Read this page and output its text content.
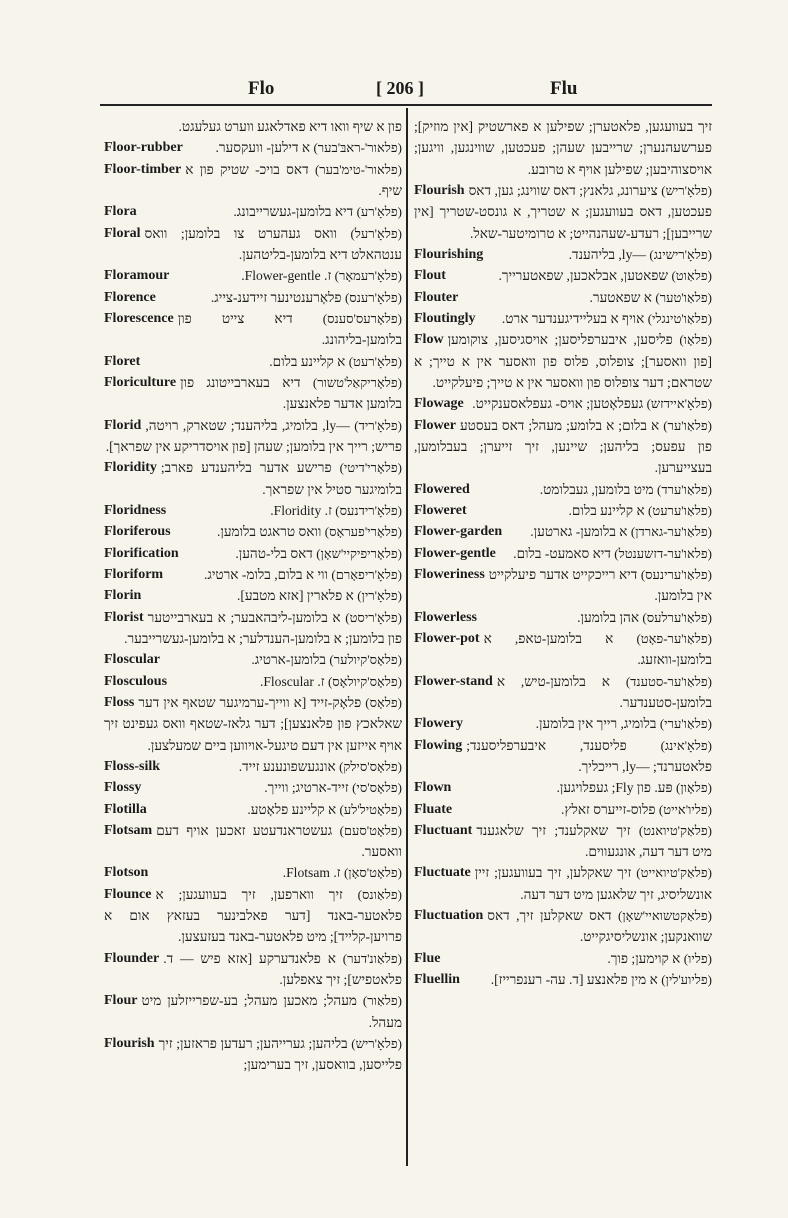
Flo	[ 206 ]	Flu

פון א שיף וואו דיא פאדלאגע ווערט געלעגט.

Floor-rubber	(פלאור'-ראבּ'בער) א דילען- וועקסער.

Floor-timber	(פלאור'-טימ'בער) דאס בויכ- שטיק פון א שיף.

Flora	(פלאָ'רע) דיא בלומען-געשרייבונג.

Floral	(פלאָ'רעל) וואס געהערט צו בלומען; וואס ענטהאלט דיא בלומען-בליטהען.

Floramour	(פלאָ'רעמאָר) ז. Flower-gentle.

Florence	(פלאָ'רענס) פלאָרענטינער זיידענ-צייג.

Florescence	(פלאָרעס'סענס) דיא צייט פון בלומען-בליהונג.

Floret	(פלאָ'רעט) א קליינע בלום.

Floriculture	(פלאָריקאַל'טשור) דיא בעארבייטונג פון בלומען אדער פלאנצען.

Florid	(פלאָ'ריד) —ly, בלומיג, בליהענד; שטארק, רויטה, פריש; רייך אין בלומען; שעהן [פון אויסדריקע אין שפראך].

Floridity	(פלאָרי'דיטי) פרישע אדער בליהענדע פארב; בלומיגער סטיל אין שפראך.

Floridness	(פלאָ'רידנעס) ז. Floridity.

Floriferous	(פלאָרי'פעראָס) וואס טראגט בלומען.

Florification	(פלאָריפיקיי'שאָן) דאס בלי-טהען.

Floriform	(פלאָ'ריפאָרם) ווי א בלום, בלומ- ארטיג.

Florin	(פלאָ'רין) א פלארין [אזא מטבע].

Florist	(פלאָ'ריסט) א בלומען-ליבהאבער; א בעארבייטער פון בלומען; א בלומען-הענדלער; א בלומען-געשרייבער.

Floscular	(פלאָס'קיולער) בלומען-ארטיג.

Flosculous	(פלאָס'קיולאָס) ז. Floscular.

Floss	(פלאָס) פלאָק-זייד [א ווייך-ערמיגער שטאף אין דער שאלאכץ פון פלאנצען]; דער גלאז-שטאף וואס געפינט זיך אויף אייזען אין דעם טיגעל-אויווען ביים שמעלצען.

Floss-silk	(פלאָס'סילק) אונגעשפונענע זייד.

Flossy	(פלאָס'סי) זייד-ארטיג; ווייך.

Flotilla	(פלאָטיל'לע) א קליינע פלאָטע.

Flotsam	(פלאָט'סעם) געשטראנדעטע זאכען אויף דעם וואסער.

Flotson	(פלאָט'סאָן) ז. Flotsam.

Flounce	(פלאַונס) זיך ווארפען, זיך בעוועגען; א פלאטער-באנד [דער פאלבינער בעזאץ אום א פרויען-קלייד]; מיט פלאטער-באנד בעזעצען.

Flounder	(פלאַונ'דער) א פלאנדערקע [אזא פיש — ד. פלאטפיש]; זיך צאפלען.

Flour	(פלאַור) מעהל; מאכען מעהל; בע-שפרייזלען מיט מעהל.

Flourish	(פלאָ'ריש) בליהען; גערייהען; רעדען פראזען; זיך פלייסען, בוואסען, זיך בערימען;

זיך בעוועגען, פלאטערן; שפילען א פארשטיק [אין מוזיק]; פערשעהנערן; שרייבען שעהן; פעכטען, שווינגען, וויגען; אויסצוהיבען; שפילען אויף א טרובע.

Flourish	(פלאָ'ריש) ציערונג, גלאנץ; דאס שווינג; גען, דאס פעכטען, דאס בעוועגען; א שטריך, א גונסט-שטריך [אין שרייבען]; רעדע-שעהנהייט; א טרומיטער-שאל.

Flourishing	(פלאָ'רישינג) —ly, בליהענד.

Flout	(פלאַוט) שפאטען, אבלאכען, שפאטערייך.

Flouter	(פלאַו'טער) א שפאטער.

Floutingly	(פלאַו'טינגלי) אויף א בעליידיגענדער ארט.

Flow	(פלאָו) פליסען, איבערפליסען; אויסגיסען, צוקומען [פון וואסער]; צופלוס, פלוס פון וואסער אין א טייך; א שטראם; דער צופלוס פון וואסער אין א טייך; פיעלקייט.

Flowage	(פלאָ'איידזש) געפלאָטען; אויס- געפלאסענקייט.

Flower	(פלאַו'ער) א בלום; א בלומע; מעהל; דאס בעסטע פון עפעס; בליהען; שיינען, זיך זייערן; בעבלומען, בעצייערען.

Flowered	(פלאַו'ערד) מיט בלומען, געבלומט.

Floweret	(פלאַו'ערעט) א קליינע בלום.

Flower-garden	(פלאַו'ער-גארדן) א בלומען- גארטען.

Flower-gentle	(פלאו'ער-דזשענטל) דיא סאמעט- בלום.

Floweriness	(פלאַו'ערינעס) דיא רייכקייט אדער פיעלקייט אין בלומען.

Flowerless	(פלאַו'ערלעס) אהן בלומען.

Flower-pot	(פלאַו'ער-פאָט) א בלומען-טאפ, א בלומען-וואזעג.

Flower-stand	(פלאַו'ער-סטענד) א בלומען-טיש, א בלומען-סטענדער.

Flowery	(פלאַו'ערי) בלומיג, רייך אין בלומען.

Flowing	(פלאָ'אינג) פליסענד, איבערפליסענד; פלאטערנד; —ly, רייכליך.

Flown	(פלאָון) פּע. פון Fly; געפלויגען.

Fluate	(פליו'אייט) פלוס-זייערס זאלץ.

Fluctuant	(פלאַק'טיואנט) זיך שאקלענד; זיך שלאגענד מיט דער דעה, אונגעווים.

Fluctuate	(פלאַק'טיואייט) זיך שאקלען, זיך בעוועגען; זיין אונשליסיג, זיך שלאגען מיט דער דעה.

Fluctuation	(פלאַקטשואיי'שאָן) דאס שאקלען זיך, דאס שוואנקען; אונשליסיגקייט.

Flue	(פליו) א קוימען; פוך.

Fluellin	(פליוע'לין) א מין פלאנצע [ד. עה- רענפרייז].
